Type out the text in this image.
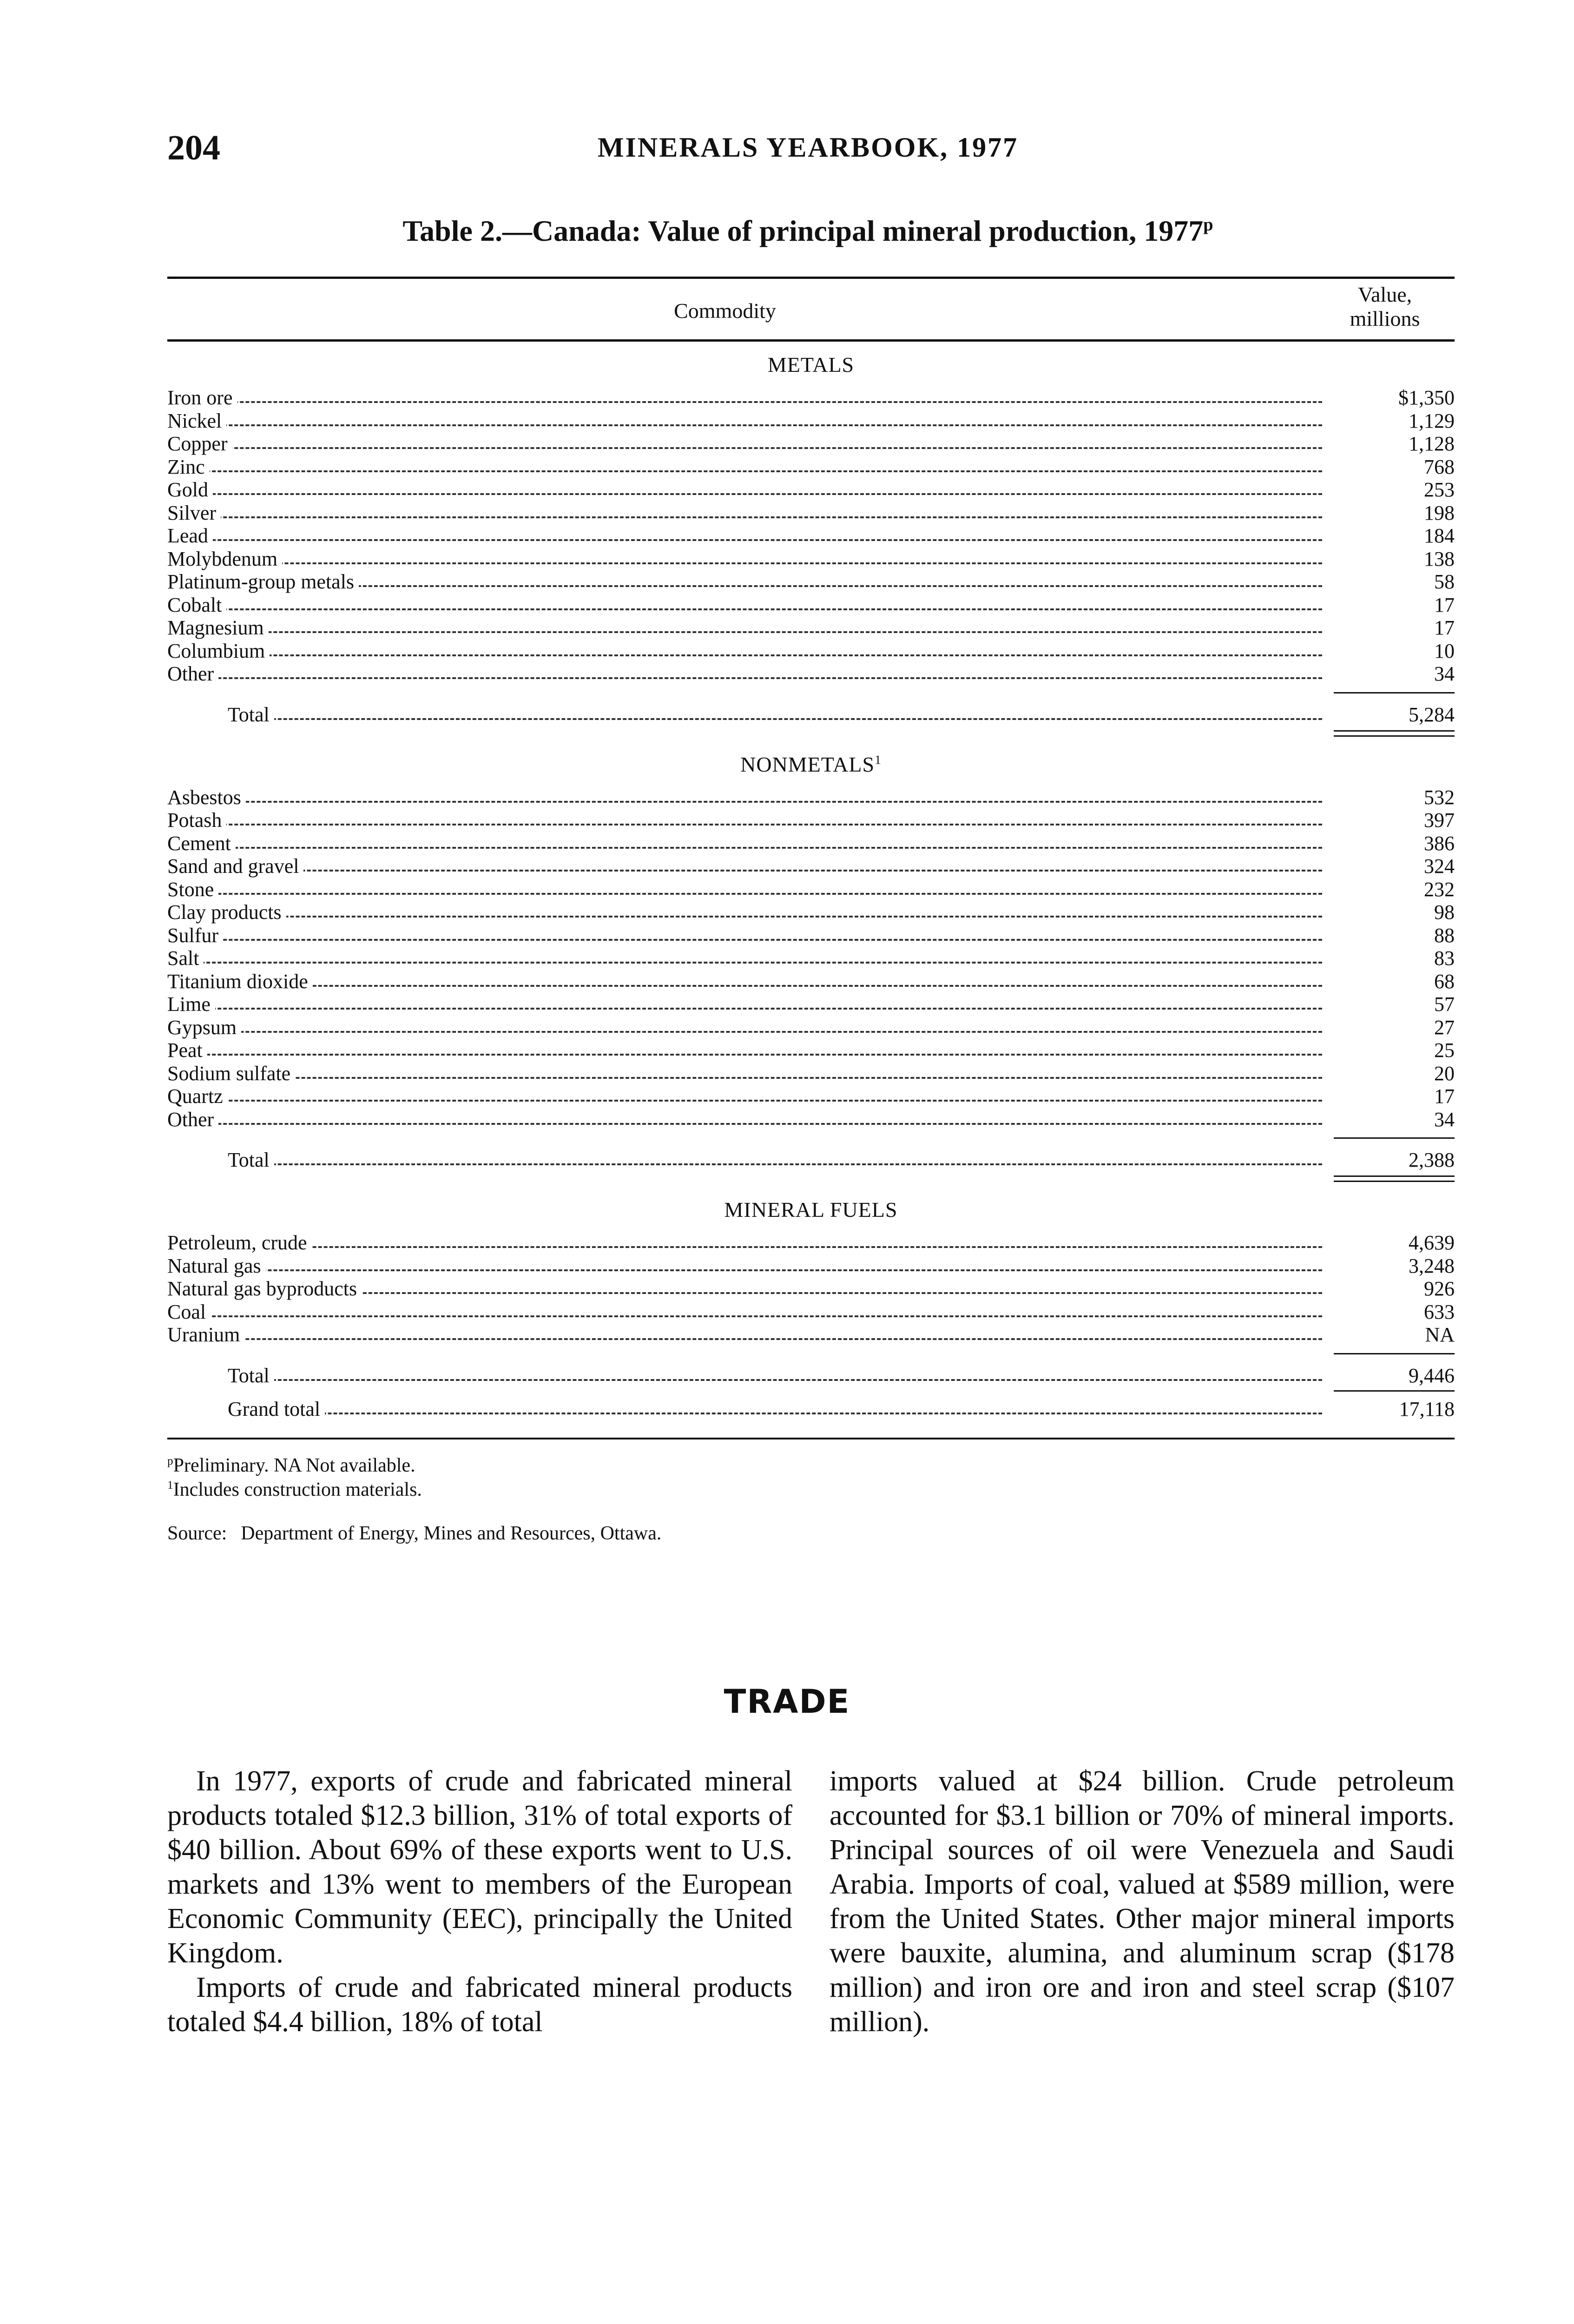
204	MINERALS YEARBOOK, 1977
Table 2.—Canada: Value of principal mineral production, 1977$^p$
Commodity
Value,
millions
METALS
Iron ore	$1,350
Nickel	1,129
Copper	1,128
Zinc	768
Gold	253
Silver	198
Lead	184
Molybdenum	138
Platinum-group metals	58
Cobalt	17
Magnesium	17
Columbium	10
Other	34
Total	5,284
NONMETALS$^1$
Asbestos	532
Potash	397
Cement	386
Sand and gravel	324
Stone	232
Clay products	98
Sulfur	88
Salt	83
Titanium dioxide	68
Lime	57
Gypsum	27
Peat	25
Sodium sulfate	20
Quartz	17
Other	34
Total	2,388
MINERAL FUELS
Petroleum, crude	4,639
Natural gas	3,248
Natural gas byproducts	926
Coal	633
Uranium	NA
Total	9,446
Grand total	17,118

$^p$Preliminary. NA Not available.

$^1$Includes construction materials.

Source: Department of Energy, Mines and Resources, Ottawa.
TRADE

In 1977, exports of crude and fabricated mineral products totaled $12.3 billion, 31% of total exports of $40 billion. About 69% of these exports went to U.S. markets and 13% went to members of the European Economic Community (EEC), principally the United Kingdom.

Imports of crude and fabricated mineral products totaled $4.4 billion, 18% of total

imports valued at $24 billion. Crude petroleum accounted for $3.1 billion or 70% of mineral imports. Principal sources of oil were Venezuela and Saudi Arabia. Imports of coal, valued at $589 million, were from the United States. Other major mineral imports were bauxite, alumina, and aluminum scrap ($178 million) and iron ore and iron and steel scrap ($107 million).
